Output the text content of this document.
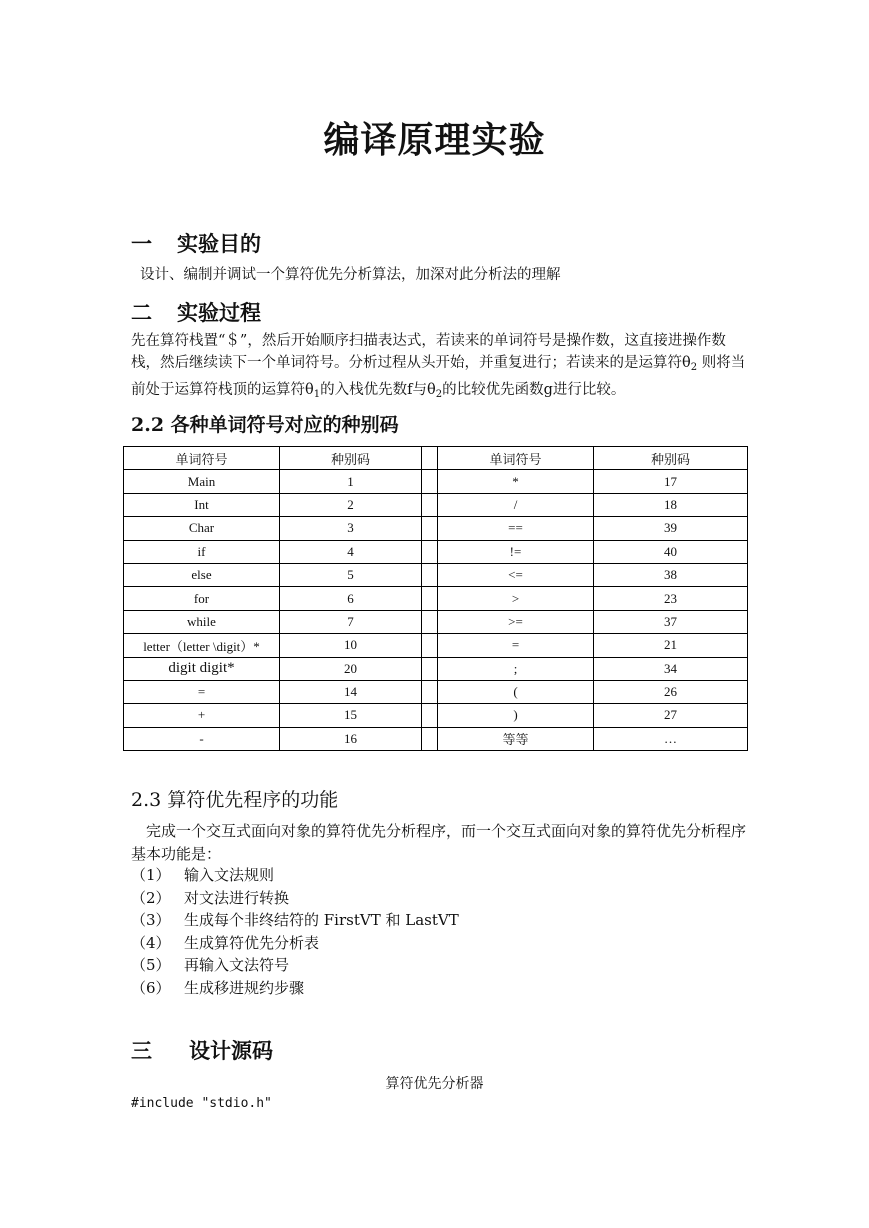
编译原理实验
一 实验目的
设计、编制并调试一个算符优先分析算法，加深对此分析法的理解
二 实验过程
先在算符栈置“＄”，然后开始顺序扫描表达式，若读来的单词符号是操作数，这直接进操作数栈，然后继续读下一个单词符号。分析过程从头开始，并重复进行；若读来的是运算符$\theta_2$ 则将当前处于运算符栈顶的运算符$\theta_1$的入栈优先数f与$\theta_2$的比较优先函数g进行比较。
2.2 各种单词符号对应的种别码
单词符号	种别码		单词符号	种别码
Main	1		*	17
Int	2		/	18
Char	3		==	39
if	4		!=	40
else	5		<=	38
for	6		>	23
while	7		>=	37
letter（letter \digit）*	10		=	21
digit digit*	20		;	34
=	14		(	26
+	15		)	27
-	16		等等	…
2.3 算符优先程序的功能
完成一个交互式面向对象的算符优先分析程序，而一个交互式面向对象的算符优先分析程序基本功能是：
（1） 输入文法规则
（2） 对文法进行转换
（3） 生成每个非终结符的 FirstVT 和 LastVT
（4） 生成算符优先分析表
（5） 再输入文法符号
（6） 生成移进规约步骤
三 设计源码
算符优先分析器
#include "stdio.h"
